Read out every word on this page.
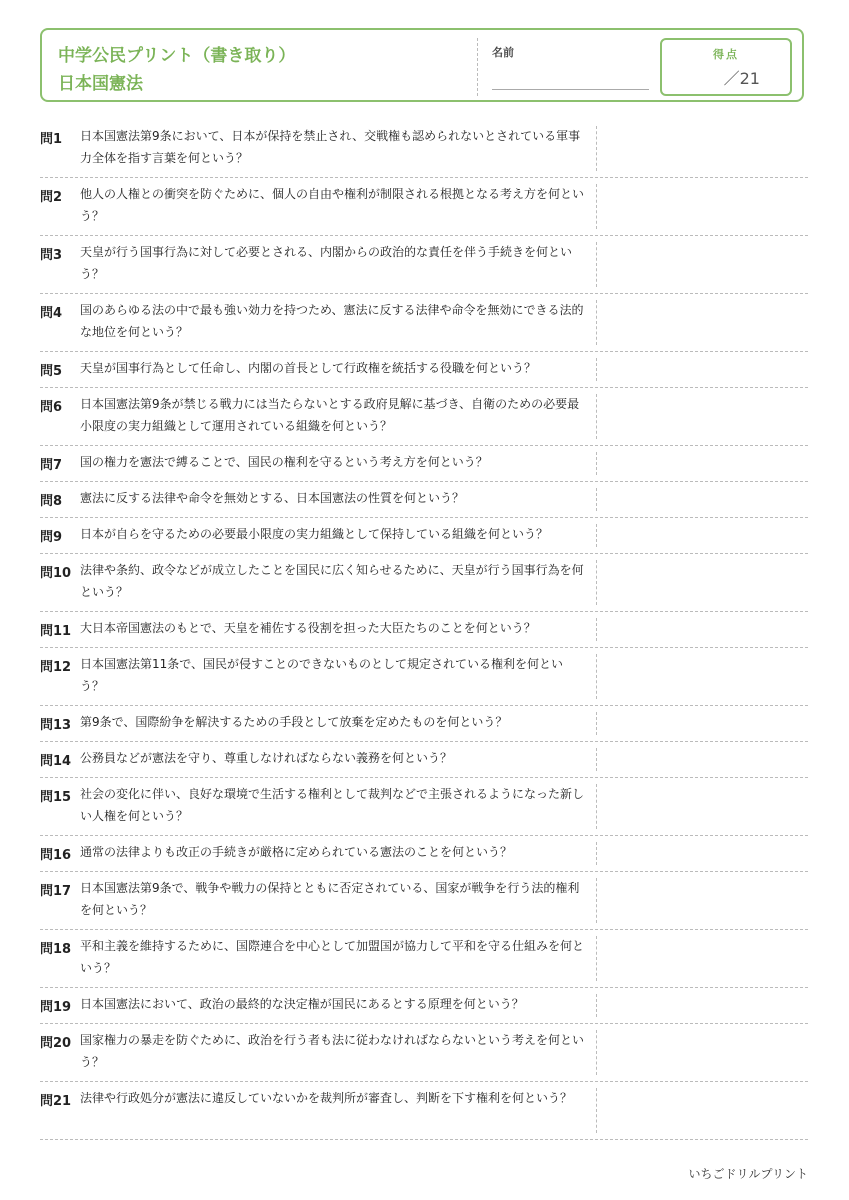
中学公民プリント（書き取り）
日本国憲法
名前	得点
／21
問1 日本国憲法第9条において、日本が保持を禁止され、交戦権も認められないとされている軍事力全体を指す言葉を何という？
問2 他人の人権との衝突を防ぐために、個人の自由や権利が制限される根拠となる考え方を何という？
問3 天皇が行う国事行為に対して必要とされる、内閣からの政治的な責任を伴う手続きを何という？
問4 国のあらゆる法の中で最も強い効力を持つため、憲法に反する法律や命令を無効にできる法的な地位を何という？
問5 天皇が国事行為として任命し、内閣の首長として行政権を統括する役職を何という？
問6 日本国憲法第9条が禁じる戦力には当たらないとする政府見解に基づき、自衛のための必要最小限度の実力組織として運用されている組織を何という？
問7 国の権力を憲法で縛ることで、国民の権利を守るという考え方を何という？
問8 憲法に反する法律や命令を無効とする、日本国憲法の性質を何という？
問9 日本が自らを守るための必要最小限度の実力組織として保持している組織を何という？
問10 法律や条約、政令などが成立したことを国民に広く知らせるために、天皇が行う国事行為を何という？
問11 大日本帝国憲法のもとで、天皇を補佐する役割を担った大臣たちのことを何という？
問12 日本国憲法第11条で、国民が侵すことのできないものとして規定されている権利を何という？
問13 第9条で、国際紛争を解決するための手段として放棄を定めたものを何という？
問14 公務員などが憲法を守り、尊重しなければならない義務を何という？
問15 社会の変化に伴い、良好な環境で生活する権利として裁判などで主張されるようになった新しい人権を何という？
問16 通常の法律よりも改正の手続きが厳格に定められている憲法のことを何という？
問17 日本国憲法第9条で、戦争や戦力の保持とともに否定されている、国家が戦争を行う法的権利を何という？
問18 平和主義を維持するために、国際連合を中心として加盟国が協力して平和を守る仕組みを何という？
問19 日本国憲法において、政治の最終的な決定権が国民にあるとする原理を何という？
問20 国家権力の暴走を防ぐために、政治を行う者も法に従わなければならないという考えを何という？
問21 法律や行政処分が憲法に違反していないかを裁判所が審査し、判断を下す権利を何という？
いちごドリルプリント
